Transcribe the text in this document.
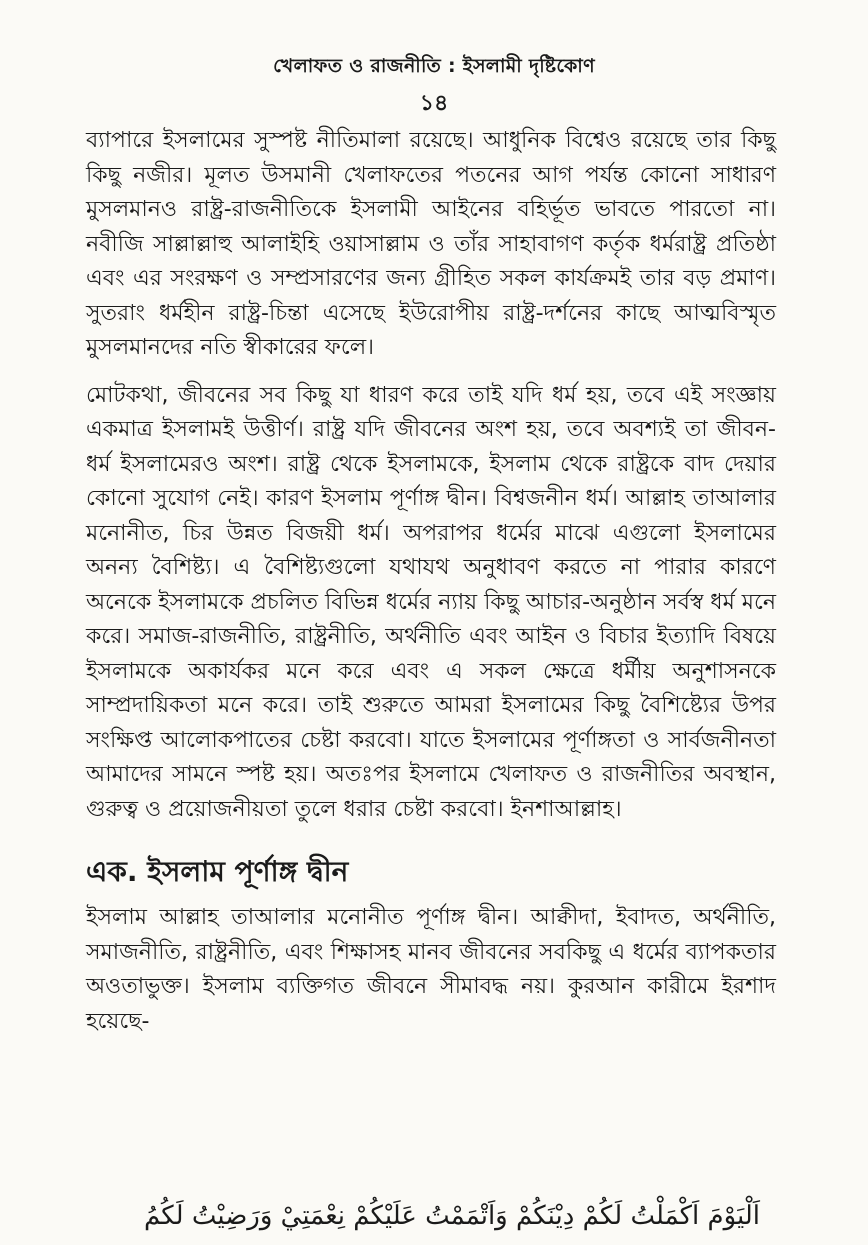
খেলাফত ও রাজনীতি : ইসলামী দৃষ্টিকোণ
১৪

ব্যাপারে ইসলামের সুস্পষ্ট নীতিমালা রয়েছে। আধুনিক বিশ্বেও রয়েছে তার কিছু কিছু নজীর। মূলত উসমানী খেলাফতের পতনের আগ পর্যন্ত কোনো সাধারণ মুসলমানও রাষ্ট্র-রাজনীতিকে ইসলামী আইনের বহির্ভূত ভাবতে পারতো না। নবীজি সাল্লাল্লাহু আলাইহি ওয়াসাল্লাম ও তাঁর সাহাবাগণ কর্তৃক ধর্মরাষ্ট্র প্রতিষ্ঠা এবং এর সংরক্ষণ ও সম্প্রসারণের জন্য গ্রীহিত সকল কার্যক্রমই তার বড় প্রমাণ। সুতরাং ধর্মহীন রাষ্ট্র-চিন্তা এসেছে ইউরোপীয় রাষ্ট্র-দর্শনের কাছে আত্মবিস্মৃত মুসলমানদের নতি স্বীকারের ফলে।

মোটকথা, জীবনের সব কিছু যা ধারণ করে তাই যদি ধর্ম হয়, তবে এই সংজ্ঞায় একমাত্র ইসলামই উত্তীর্ণ। রাষ্ট্র যদি জীবনের অংশ হয়, তবে অবশ্যই তা জীবন-ধর্ম ইসলামেরও অংশ। রাষ্ট্র থেকে ইসলামকে, ইসলাম থেকে রাষ্ট্রকে বাদ দেয়ার কোনো সুযোগ নেই। কারণ ইসলাম পূর্ণাঙ্গ দ্বীন। বিশ্বজনীন ধর্ম। আল্লাহ তাআলার মনোনীত, চির উন্নত বিজয়ী ধর্ম। অপরাপর ধর্মের মাঝে এগুলো ইসলামের অনন্য বৈশিষ্ট্য। এ বৈশিষ্ট্যগুলো যথাযথ অনুধাবণ করতে না পারার কারণে অনেকে ইসলামকে প্রচলিত বিভিন্ন ধর্মের ন্যায় কিছু আচার-অনুষ্ঠান সর্বস্ব ধর্ম মনে করে। সমাজ-রাজনীতি, রাষ্ট্রনীতি, অর্থনীতি এবং আইন ও বিচার ইত্যাদি বিষয়ে ইসলামকে অকার্যকর মনে করে এবং এ সকল ক্ষেত্রে ধর্মীয় অনুশাসনকে সাম্প্রদায়িকতা মনে করে। তাই শুরুতে আমরা ইসলামের কিছু বৈশিষ্ট্যের উপর সংক্ষিপ্ত আলোকপাতের চেষ্টা করবো। যাতে ইসলামের পূর্ণাঙ্গতা ও সার্বজনীনতা আমাদের সামনে স্পষ্ট হয়। অতঃপর ইসলামে খেলাফত ও রাজনীতির অবস্থান, গুরুত্ব ও প্রয়োজনীয়তা তুলে ধরার চেষ্টা করবো। ইনশাআল্লাহ।

এক. ইসলাম পূর্ণাঙ্গ দ্বীন

ইসলাম আল্লাহ তাআলার মনোনীত পূর্ণাঙ্গ দ্বীন। আক্বীদা, ইবাদত, অর্থনীতি, সমাজনীতি, রাষ্ট্রনীতি, এবং শিক্ষাসহ মানব জীবনের সবকিছু এ ধর্মের ব্যাপকতার অওতাভুক্ত। ইসলাম ব্যক্তিগত জীবনে সীমাবদ্ধ নয়। কুরআন কারীমে ইরশাদ হয়েছে-

اَلْيَوْمَ اَكْمَلْتُ لَكُمْ دِيْنَكُمْ وَاَتْمَمْتُ عَلَيْكُمْ نِعْمَتِيْ وَرَضِيْتُ لَكُمُ
